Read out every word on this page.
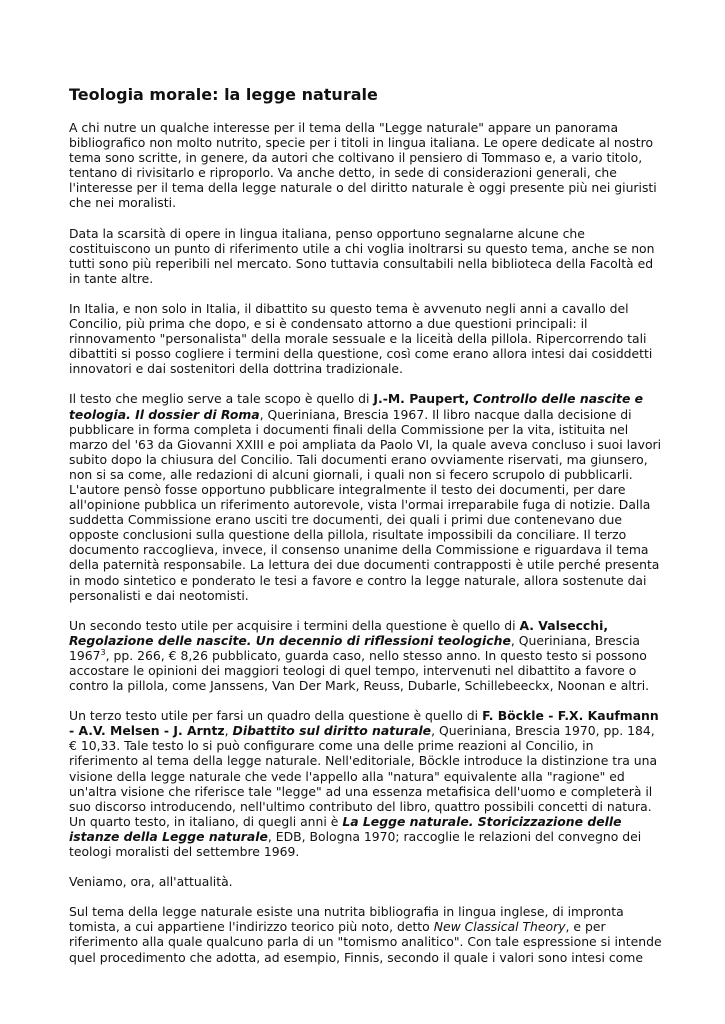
Teologia morale: la legge naturale

A chi nutre un qualche interesse per il tema della "Legge naturale" appare un panorama bibliografico non molto nutrito, specie per i titoli in lingua italiana. Le opere dedicate al nostro tema sono scritte, in genere, da autori che coltivano il pensiero di Tommaso e, a vario titolo, tentano di rivisitarlo e riproporlo. Va anche detto, in sede di considerazioni generali, che l'interesse per il tema della legge naturale o del diritto naturale è oggi presente più nei giuristi che nei moralisti.

Data la scarsità di opere in lingua italiana, penso opportuno segnalarne alcune che costituiscono un punto di riferimento utile a chi voglia inoltrarsi su questo tema, anche se non tutti sono più reperibili nel mercato. Sono tuttavia consultabili nella biblioteca della Facoltà ed in tante altre.

In Italia, e non solo in Italia, il dibattito su questo tema è avvenuto negli anni a cavallo del Concilio, più prima che dopo, e si è condensato attorno a due questioni principali: il rinnovamento "personalista" della morale sessuale e la liceità della pillola. Ripercorrendo tali dibattiti si posso cogliere i termini della questione, così come erano allora intesi dai cosiddetti innovatori e dai sostenitori della dottrina tradizionale.

Il testo che meglio serve a tale scopo è quello di J.-M. Paupert, Controllo delle nascite e teologia. Il dossier di Roma, Queriniana, Brescia 1967. Il libro nacque dalla decisione di pubblicare in forma completa i documenti finali della Commissione per la vita, istituita nel marzo del '63 da Giovanni XXIII e poi ampliata da Paolo VI, la quale aveva concluso i suoi lavori subito dopo la chiusura del Concilio. Tali documenti erano ovviamente riservati, ma giunsero, non si sa come, alle redazioni di alcuni giornali, i quali non si fecero scrupolo di pubblicarli. L'autore pensò fosse opportuno pubblicare integralmente il testo dei documenti, per dare all'opinione pubblica un riferimento autorevole, vista l'ormai irreparabile fuga di notizie. Dalla suddetta Commissione erano usciti tre documenti, dei quali i primi due contenevano due opposte conclusioni sulla questione della pillola, risultate impossibili da conciliare. Il terzo documento raccoglieva, invece, il consenso unanime della Commissione e riguardava il tema della paternità responsabile. La lettura dei due documenti contrapposti è utile perché presenta in modo sintetico e ponderato le tesi a favore e contro la legge naturale, allora sostenute dai personalisti e dai neotomisti.

Un secondo testo utile per acquisire i termini della questione è quello di A. Valsecchi, Regolazione delle nascite. Un decennio di riflessioni teologiche, Queriniana, Brescia 1967$^3$, pp. 266, € 8,26 pubblicato, guarda caso, nello stesso anno. In questo testo si possono accostare le opinioni dei maggiori teologi di quel tempo, intervenuti nel dibattito a favore o contro la pillola, come Janssens, Van Der Mark, Reuss, Dubarle, Schillebeeckx, Noonan e altri.

Un terzo testo utile per farsi un quadro della questione è quello di F. Böckle - F.X. Kaufmann - A.V. Melsen - J. Arntz, Dibattito sul diritto naturale, Queriniana, Brescia 1970, pp. 184, € 10,33. Tale testo lo si può configurare come una delle prime reazioni al Concilio, in riferimento al tema della legge naturale. Nell'editoriale, Böckle introduce la distinzione tra una visione della legge naturale che vede l'appello alla "natura" equivalente alla "ragione" ed un'altra visione che riferisce tale "legge" ad una essenza metafisica dell'uomo e completerà il suo discorso introducendo, nell'ultimo contributo del libro, quattro possibili concetti di natura. Un quarto testo, in italiano, di quegli anni è La Legge naturale. Storicizzazione delle istanze della Legge naturale, EDB, Bologna 1970; raccoglie le relazioni del convegno dei teologi moralisti del settembre 1969.

Veniamo, ora, all'attualità.

Sul tema della legge naturale esiste una nutrita bibliografia in lingua inglese, di impronta tomista, a cui appartiene l'indirizzo teorico più noto, detto New Classical Theory, e per riferimento alla quale qualcuno parla di un "tomismo analitico". Con tale espressione si intende quel procedimento che adotta, ad esempio, Finnis, secondo il quale i valori sono intesi come
